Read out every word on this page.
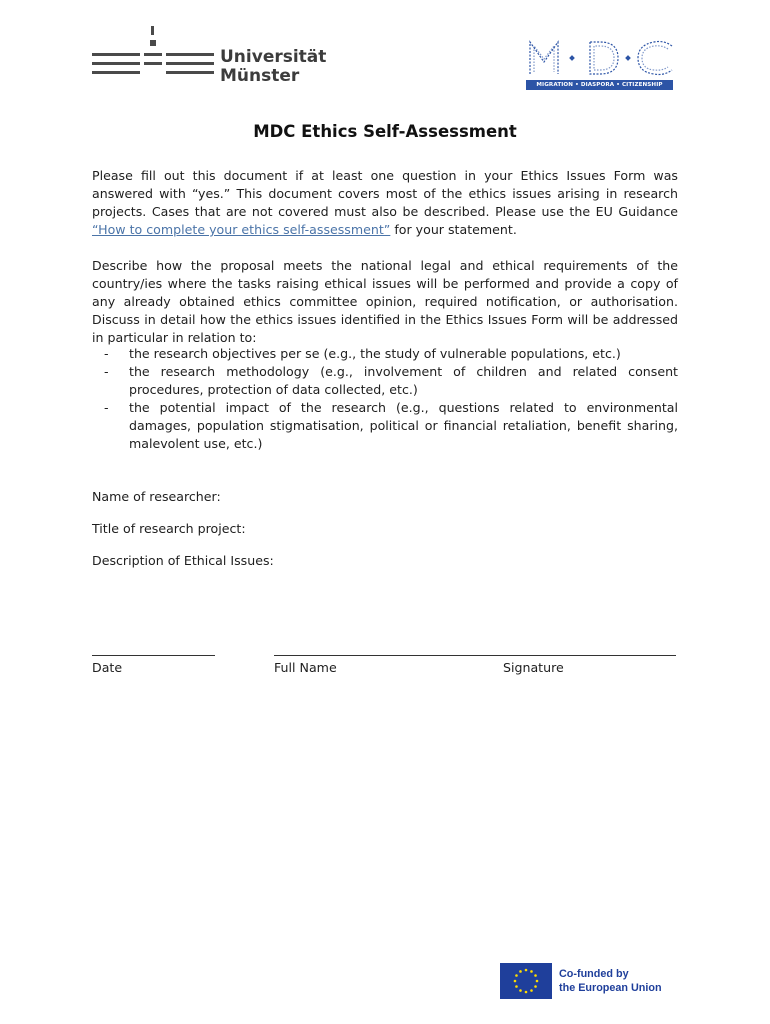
Universität
Münster	MIGRATION • DIASPORA • CITIZENSHIP
MDC Ethics Self-Assessment
Please fill out this document if at least one question in your Ethics Issues Form was answered with “yes.” This document covers most of the ethics issues arising in research projects. Cases that are not covered must also be described. Please use the EU Guidance “How to complete your ethics self-assessment” for your statement.
Describe how the proposal meets the national legal and ethical requirements of the country/ies where the tasks raising ethical issues will be performed and provide a copy of any already obtained ethics committee opinion, required notification, or authorisation. Discuss in detail how the ethics issues identified in the Ethics Issues Form will be addressed in particular in relation to:
- the research objectives per se (e.g., the study of vulnerable populations, etc.)
- the research methodology (e.g., involvement of children and related consent procedures, protection of data collected, etc.)
- the potential impact of the research (e.g., questions related to environmental damages, population stigmatisation, political or financial retaliation, benefit sharing, malevolent use, etc.)
Name of researcher:
Title of research project:
Description of Ethical Issues:
Date	Full Name	Signature
Co-funded by
the European Union
